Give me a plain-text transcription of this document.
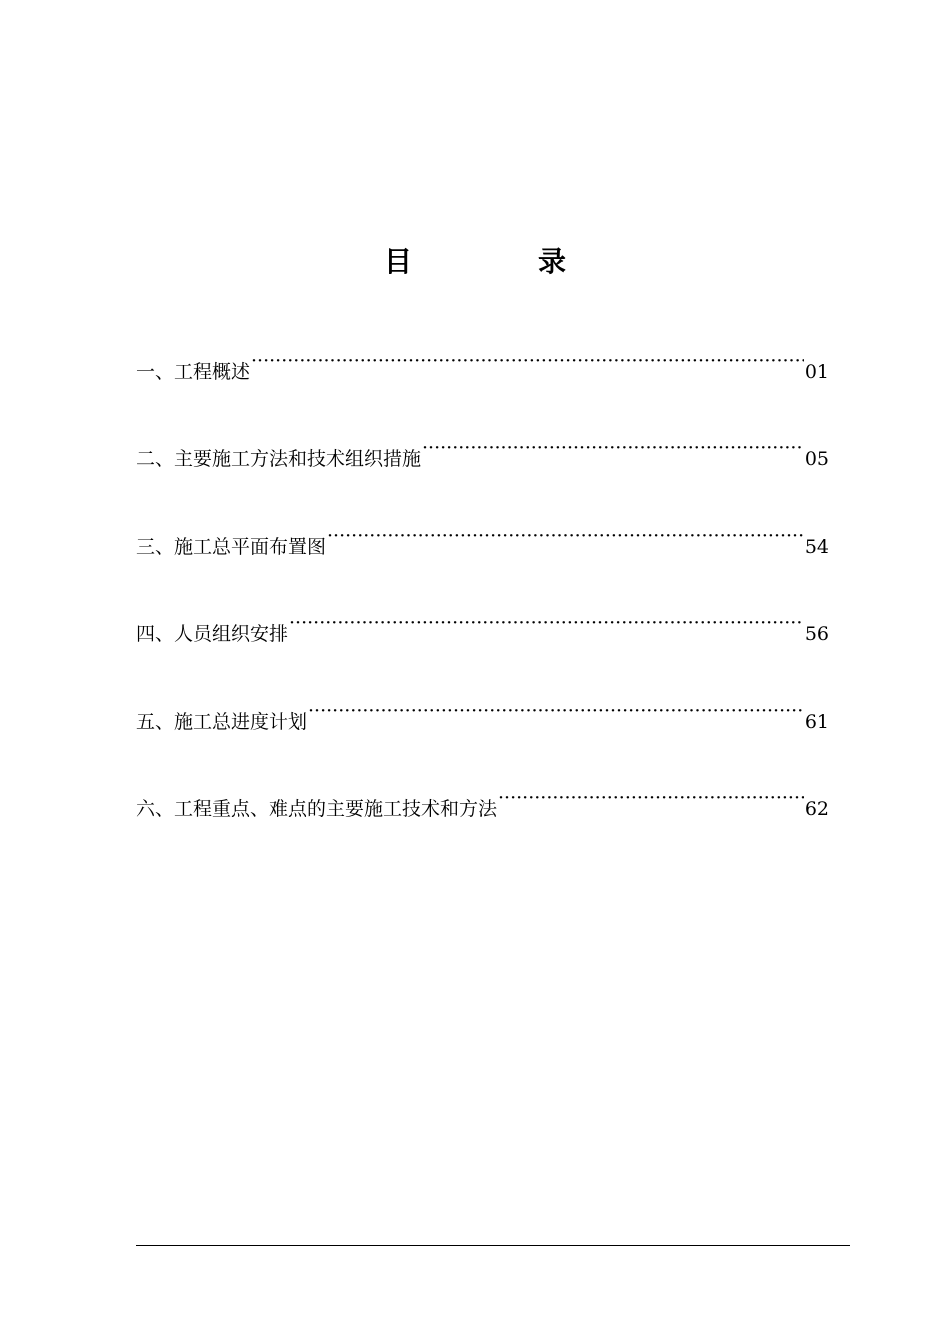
目	录
一、工程概述 ·····	01
二、主要施工方法和技术组织措施 ·····	05
三、施工总平面布置图 ·····	54
四、人员组织安排 ·····	56
五、施工总进度计划 ·····	61
六、工程重点、难点的主要施工技术和方法 ·····	62
